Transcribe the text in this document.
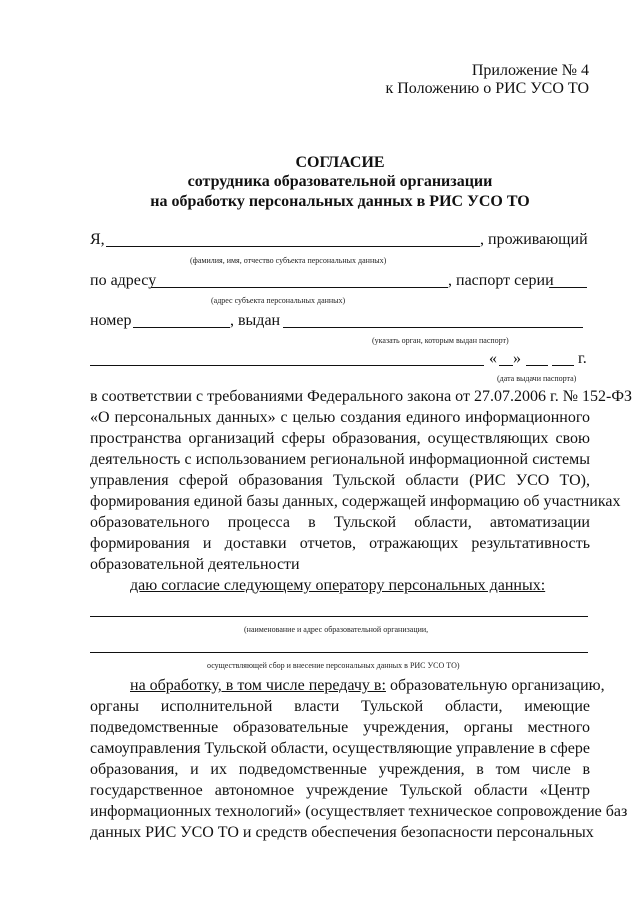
Приложение № 4
к Положению о РИС УСО ТО
СОГЛАСИЕ
сотрудника образовательной организации
на обработку персональных данных в РИС УСО ТО
Я,	, проживающий
(фамилия, имя, отчество субъекта персональных данных)
по адресу	, паспорт серии
(адрес субъекта персональных данных)
номер	, выдан
(указать орган, которым выдан паспорт)
« »	г.
(дата выдачи паспорта)
в соответствии с требованиями Федерального закона от 27.07.2006 г. № 152-ФЗ
«О персональных данных» с целью создания единого информационного
пространства организаций сферы образования, осуществляющих свою
деятельность с использованием региональной информационной системы
управления сферой образования Тульской области (РИС УСО ТО),
формирования единой базы данных, содержащей информацию об участниках
образовательного процесса в Тульской области, автоматизации
формирования и доставки отчетов, отражающих результативность
образовательной деятельности
даю согласие следующему оператору персональных данных:
(наименование и адрес образовательной организации,
осуществляющей сбор и внесение персональных данных в РИС УСО ТО)
на обработку, в том числе передачу в: образовательную организацию,
органы исполнительной власти Тульской области, имеющие
подведомственные образовательные учреждения, органы местного
самоуправления Тульской области, осуществляющие управление в сфере
образования, и их подведомственные учреждения, в том числе в
государственное автономное учреждение Тульской области «Центр
информационных технологий» (осуществляет техническое сопровождение баз
данных РИС УСО ТО и средств обеспечения безопасности персональных
